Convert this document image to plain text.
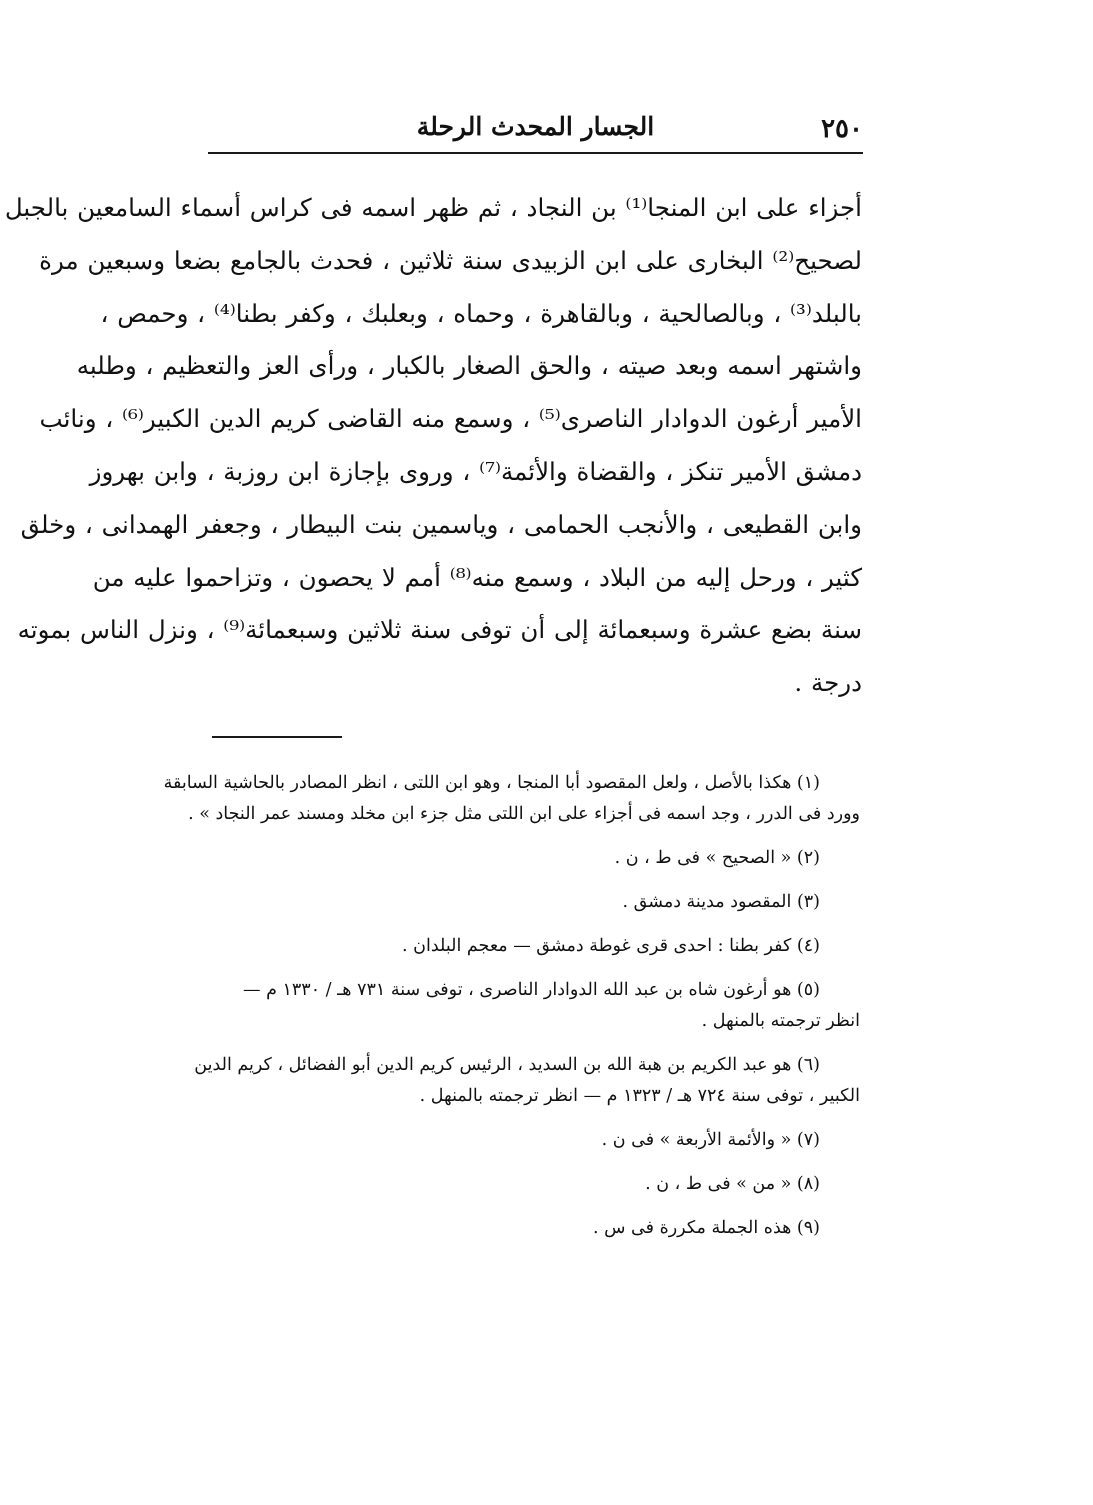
٢٥٠
الجسار المحدث الرحلة
أجزاء على ابن المنجا⁽¹⁾ بن النجاد ، ثم ظهر اسمه فى كراس أسماء السامعين بالجبل
لصحيح⁽²⁾ البخارى على ابن الزبيدى سنة ثلاثين ، فحدث بالجامع بضعا وسبعين مرة
بالبلد⁽³⁾ ، وبالصالحية ، وبالقاهرة ، وحماه ، وبعلبك ، وكفر بطنا⁽⁴⁾ ، وحمص ،
واشتهر اسمه وبعد صيته ، والحق الصغار بالكبار ، ورأى العز والتعظيم ، وطلبه
الأمير أرغون الدوادار الناصرى⁽⁵⁾ ، وسمع منه القاضى كريم الدين الكبير⁽⁶⁾ ، ونائب
دمشق الأمير تنكز ، والقضاة والأئمة⁽⁷⁾ ، وروى بإجازة ابن روزبة ، وابن بهروز
وابن القطيعى ، والأنجب الحمامى ، وياسمين بنت البيطار ، وجعفر الهمدانى ، وخلق
كثير ، ورحل إليه من البلاد ، وسمع منه⁽⁸⁾ أمم لا يحصون ، وتزاحموا عليه من
سنة بضع عشرة وسبعمائة إلى أن توفى سنة ثلاثين وسبعمائة⁽⁹⁾ ، ونزل الناس بموته
درجة .
(١) هكذا بالأصل ، ولعل المقصود أبا المنجا ، وهو ابن اللتى ، انظر المصادر بالحاشية السابقة
وورد فى الدرر ، وجد اسمه فى أجزاء على ابن اللتى مثل جزء ابن مخلد ومسند عمر النجاد » .
(٢) « الصحيح » فى ط ، ن .
(٣) المقصود مدينة دمشق .
(٤) كفر بطنا : احدى قرى غوطة دمشق — معجم البلدان .
(٥) هو أرغون شاه بن عبد الله الدوادار الناصرى ، توفى سنة ٧٣١ هـ / ١٣٣٠ م —
انظر ترجمته بالمنهل .
(٦) هو عبد الكريم بن هبة الله بن السديد ، الرئيس كريم الدين أبو الفضائل ، كريم الدين
الكبير ، توفى سنة ٧٢٤ هـ / ١٣٢٣ م — انظر ترجمته بالمنهل .
(٧) « والأئمة الأربعة » فى ن .
(٨) « من » فى ط ، ن .
(٩) هذه الجملة مكررة فى س .
